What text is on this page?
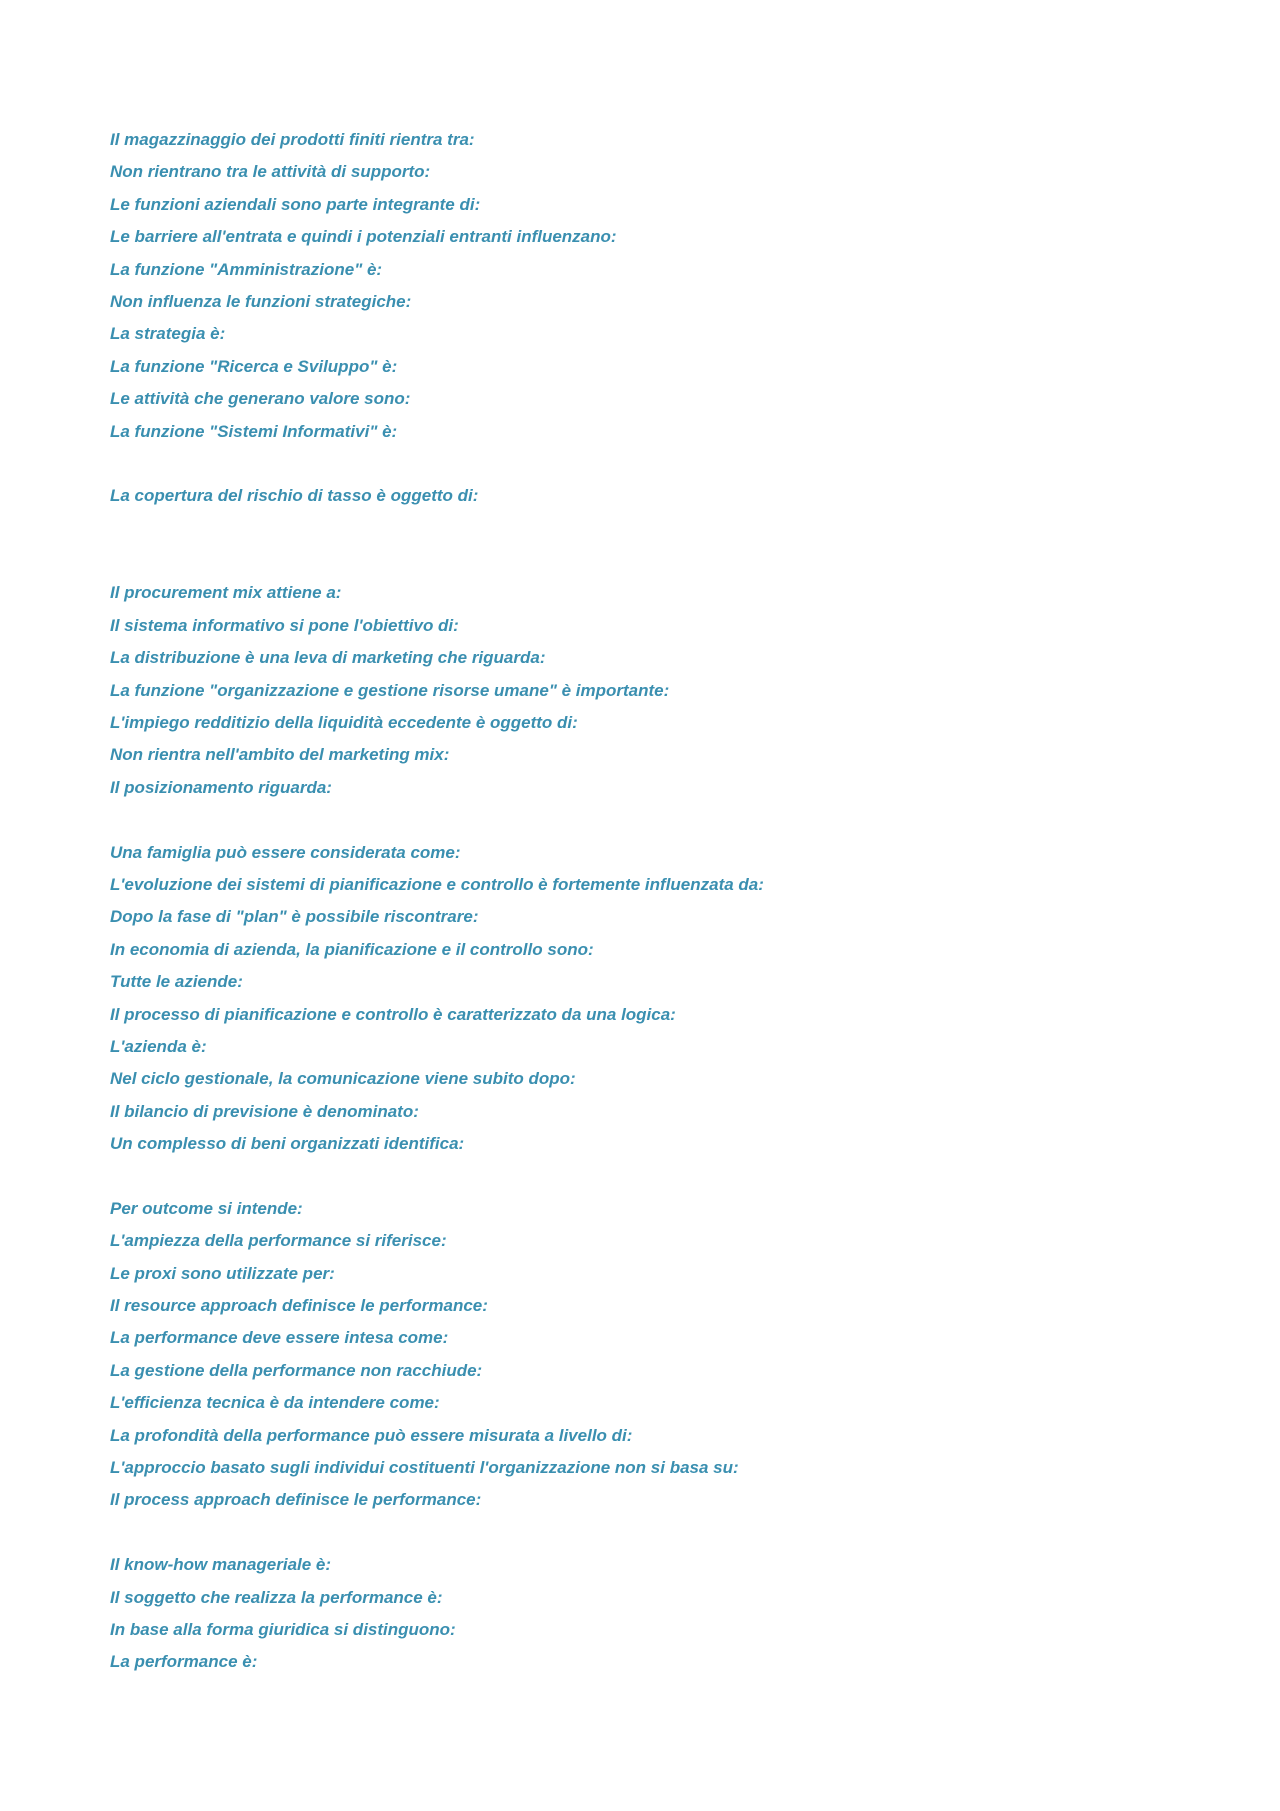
Il magazzinaggio dei prodotti finiti rientra tra:
Non rientrano tra le attività di supporto:
Le funzioni aziendali sono parte integrante di:
Le barriere all'entrata e quindi i potenziali entranti influenzano:
La funzione "Amministrazione" è:
Non influenza le funzioni strategiche:
La strategia è:
La funzione "Ricerca e Sviluppo" è:
Le attività che generano valore sono:
La funzione "Sistemi Informativi" è:
La copertura del rischio di tasso è oggetto di:
Il procurement mix attiene a:
Il sistema informativo si pone l'obiettivo di:
La distribuzione è una leva di marketing che riguarda:
La funzione "organizzazione e gestione risorse umane" è importante:
L'impiego redditizio della liquidità eccedente è oggetto di:
Non rientra nell'ambito del marketing mix:
Il posizionamento riguarda:
Una famiglia può essere considerata come:
L'evoluzione dei sistemi di pianificazione e controllo è fortemente influenzata da:
Dopo la fase di "plan" è possibile riscontrare:
In economia di azienda, la pianificazione e il controllo sono:
Tutte le aziende:
Il processo di pianificazione e controllo è caratterizzato da una logica:
L'azienda è:
Nel ciclo gestionale, la comunicazione viene subito dopo:
Il bilancio di previsione è denominato:
Un complesso di beni organizzati identifica:
Per outcome si intende:
L'ampiezza della performance si riferisce:
Le proxi sono utilizzate per:
Il resource approach definisce le performance:
La performance deve essere intesa come:
La gestione della performance non racchiude:
L'efficienza tecnica è da intendere come:
La profondità della performance può essere misurata a livello di:
L'approccio basato sugli individui costituenti l'organizzazione non si basa su:
Il process approach definisce le performance:
Il know-how manageriale è:
Il soggetto che realizza la performance è:
In base alla forma giuridica si distinguono:
La performance è:
